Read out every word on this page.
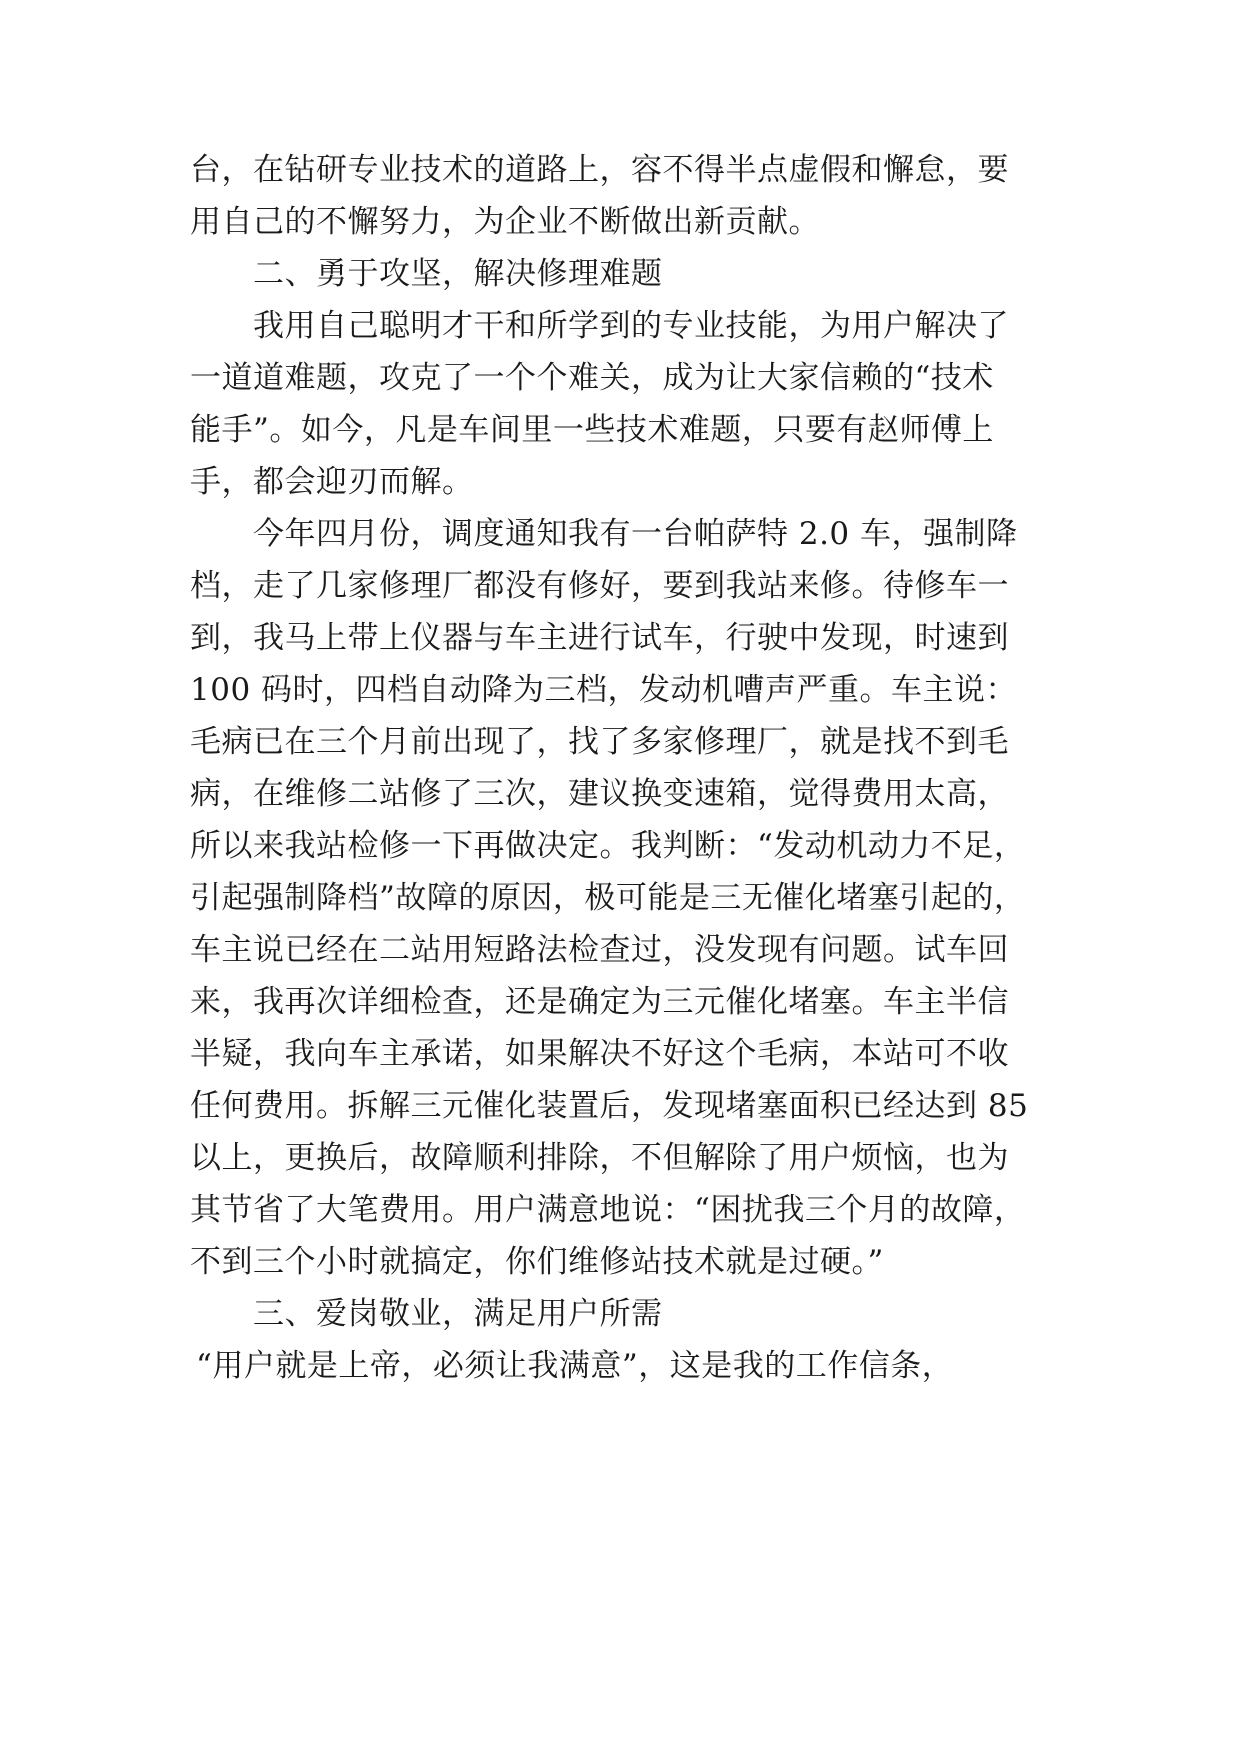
台，在钻研专业技术的道路上，容不得半点虚假和懈怠，要
用自己的不懈努力，为企业不断做出新贡献。
二、勇于攻坚，解决修理难题
我用自己聪明才干和所学到的专业技能，为用户解决了
一道道难题，攻克了一个个难关，成为让大家信赖的“技术
能手”。如今，凡是车间里一些技术难题，只要有赵师傅上
手，都会迎刃而解。
今年四月份，调度通知我有一台帕萨特 2.0 车，强制降
档，走了几家修理厂都没有修好，要到我站来修。待修车一
到，我马上带上仪器与车主进行试车，行驶中发现，时速到
100 码时，四档自动降为三档，发动机嘈声严重。车主说：
毛病已在三个月前出现了，找了多家修理厂，就是找不到毛
病，在维修二站修了三次，建议换变速箱，觉得费用太高，
所以来我站检修一下再做决定。我判断：“发动机动力不足，
引起强制降档”故障的原因，极可能是三无催化堵塞引起的，
车主说已经在二站用短路法检查过，没发现有问题。试车回
来，我再次详细检查，还是确定为三元催化堵塞。车主半信
半疑，我向车主承诺，如果解决不好这个毛病，本站可不收
任何费用。拆解三元催化装置后，发现堵塞面积已经达到 85
以上，更换后，故障顺利排除，不但解除了用户烦恼，也为
其节省了大笔费用。用户满意地说：“困扰我三个月的故障，
不到三个小时就搞定，你们维修站技术就是过硬。”
三、爱岗敬业，满足用户所需
“用户就是上帝，必须让我满意”，这是我的工作信条，
